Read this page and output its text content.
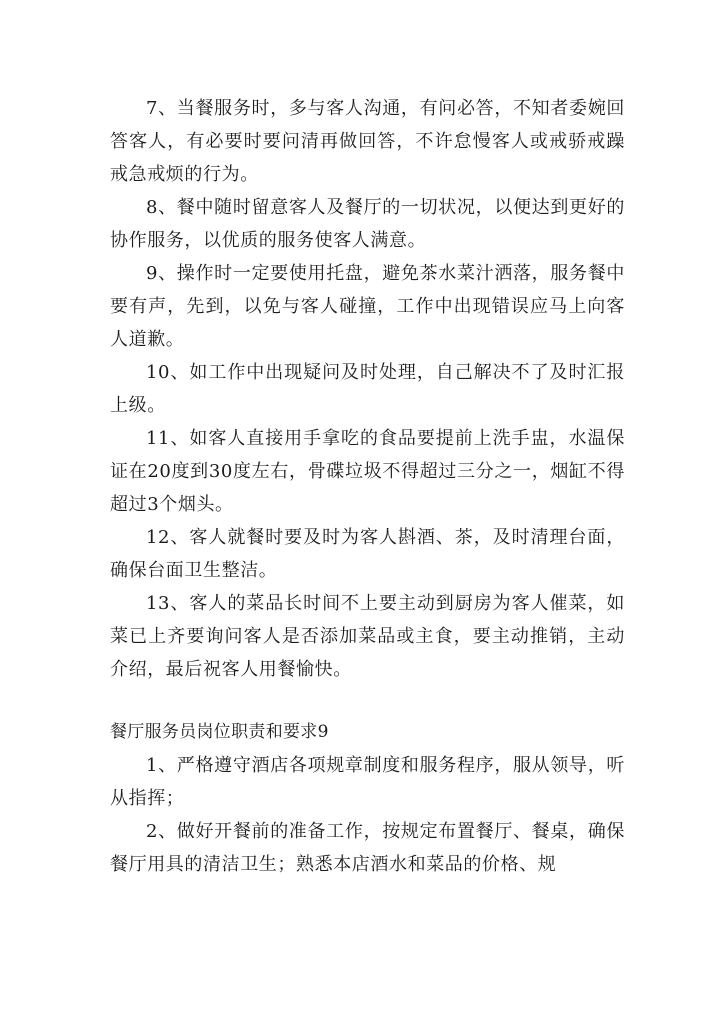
7、当餐服务时，多与客人沟通，有问必答，不知者委婉回答客人，有必要时要问清再做回答，不许怠慢客人或戒骄戒躁戒急戒烦的行为。

8、餐中随时留意客人及餐厅的一切状况，以便达到更好的协作服务，以优质的服务使客人满意。

9、操作时一定要使用托盘，避免茶水菜汁洒落，服务餐中要有声，先到，以免与客人碰撞，工作中出现错误应马上向客人道歉。

10、如工作中出现疑问及时处理，自己解决不了及时汇报上级。

11、如客人直接用手拿吃的食品要提前上洗手盅，水温保证在20度到30度左右，骨碟垃圾不得超过三分之一，烟缸不得超过3个烟头。

12、客人就餐时要及时为客人斟酒、茶，及时清理台面，确保台面卫生整洁。

13、客人的菜品长时间不上要主动到厨房为客人催菜，如菜已上齐要询问客人是否添加菜品或主食，要主动推销，主动介绍，最后祝客人用餐愉快。

餐厅服务员岗位职责和要求9

1、严格遵守酒店各项规章制度和服务程序，服从领导，听从指挥；

2、做好开餐前的准备工作，按规定布置餐厅、餐桌，确保餐厅用具的清洁卫生；熟悉本店酒水和菜品的价格、规
